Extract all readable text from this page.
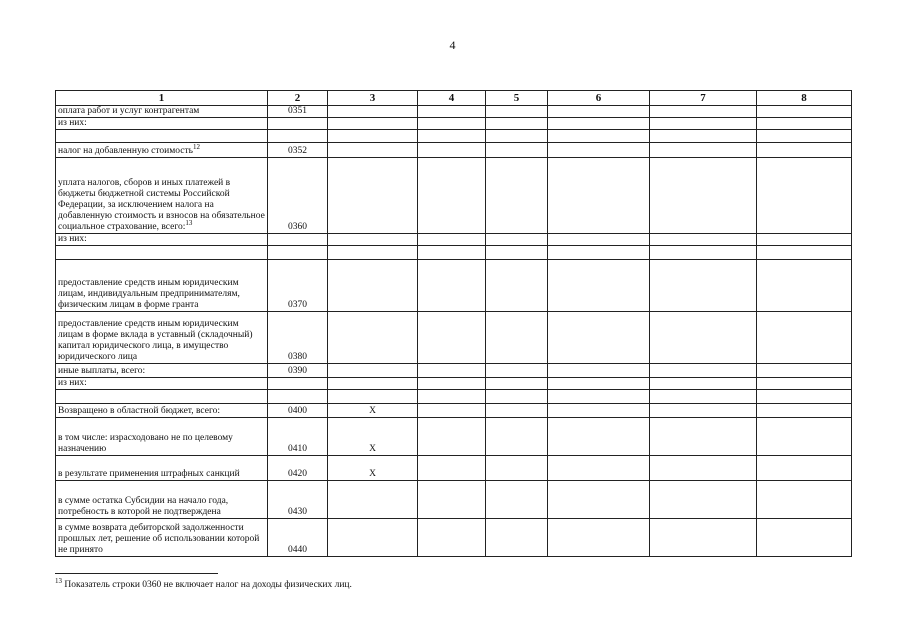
4
1	2	3	4	5	6	7	8
оплата работ и услуг контрагентам	0351						
из них:							

налог на добавленную стоимость$^{12}$	0352						
уплата налогов, сборов и иных платежей в бюджеты бюджетной системы Российской Федерации, за исключением налога на добавленную стоимость и взносов на обязательное социальное страхование, всего:$^{13}$	0360						
из них:							

предоставление средств иным юридическим лицам, индивидуальным предпринимателям, физическим лицам в форме гранта	0370						
предоставление средств иным юридическим лицам в форме вклада в уставный (складочный) капитал юридического лица, в имущество юридического лица	0380						
иные выплаты, всего:	0390						
из них:							

Возвращено в областной бюджет, всего:	0400	X					
в том числе: израсходовано не по целевому назначению	0410	X					
в результате применения штрафных санкций	0420	X					
в сумме остатка Субсидии на начало года, потребность в которой не подтверждена	0430						
в сумме возврата дебиторской задолженности прошлых лет, решение об использовании которой не принято	0440						
$^{13}$ Показатель строки 0360 не включает налог на доходы физических лиц.
